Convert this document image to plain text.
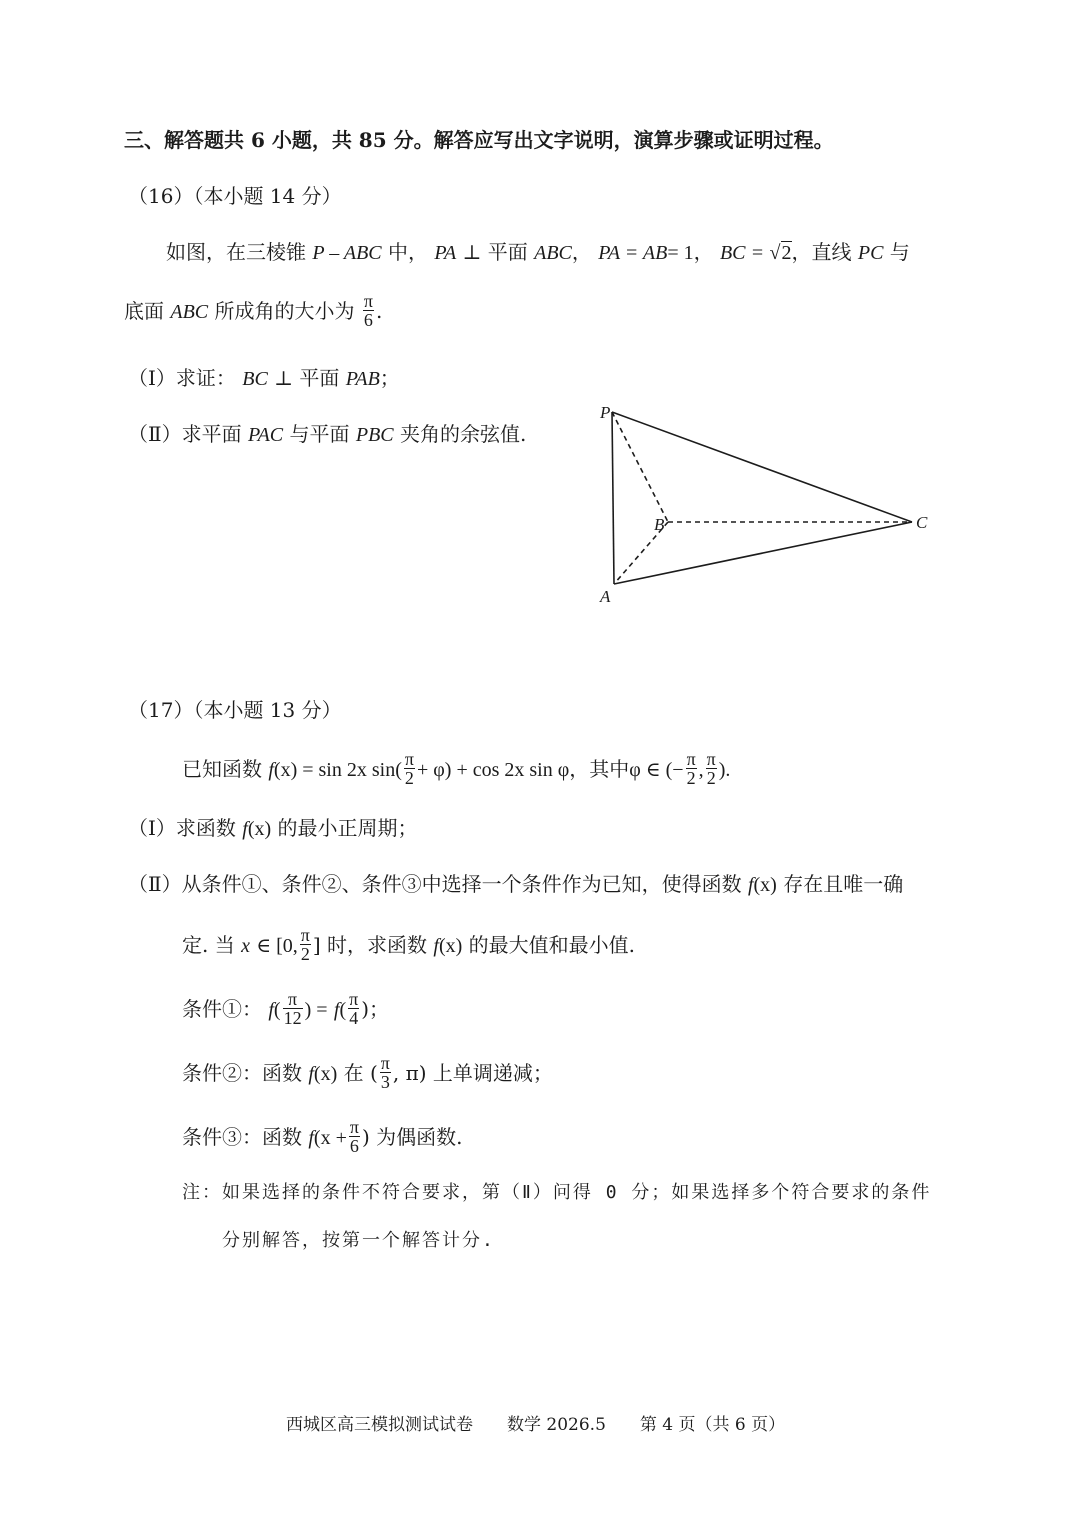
三、解答题共 6 小题，共 85 分。解答应写出文字说明，演算步骤或证明过程。
（16）（本小题 14 分）
如图，在三棱锥 P – ABC 中， PA ⊥ 平面 ABC， PA = AB= 1， BC = √2，直线 PC 与
底面 ABC 所成角的大小为 $\frac{\pi}{6}$ .
（Ⅰ）求证： BC ⊥ 平面 PAB；
（Ⅱ）求平面 PAC 与平面 PBC 夹角的余弦值.
P
A
B	C
（17）（本小题 13 分）
已知函数 f(x) = sin 2x $\sin( \frac{\pi}{2} + \varphi) + \cos 2x$ sin φ，其中φ ∈ (− $\frac{\pi}{2}$ , $\frac{\pi}{2}$ ).
（Ⅰ）求函数 f(x) 的最小正周期；
（Ⅱ）从条件①、条件②、条件③中选择一个条件作为已知，使得函数 f(x) 存在且唯一确
定. 当 x ∈ [0, $\frac{\pi}{2}$ ] 时，求函数 f(x) 的最大值和最小值.
条件①： $f( \frac{\pi}{12}$ ) = $f( \frac{\pi}{4}$ )；
条件②：函数 f(x) 在 ( $\frac{\pi}{3}$ , π) 上单调递减；
条件③：函数 $f(x + \frac{\pi}{6}$ ) 为偶函数.
注：如果选择的条件不符合要求，第（Ⅱ）问得 0 分；如果选择多个符合要求的条件
分别解答，按第一个解答计分.
西城区高三模拟测试试卷　　数学 2026.5　　第 4 页（共 6 页）
